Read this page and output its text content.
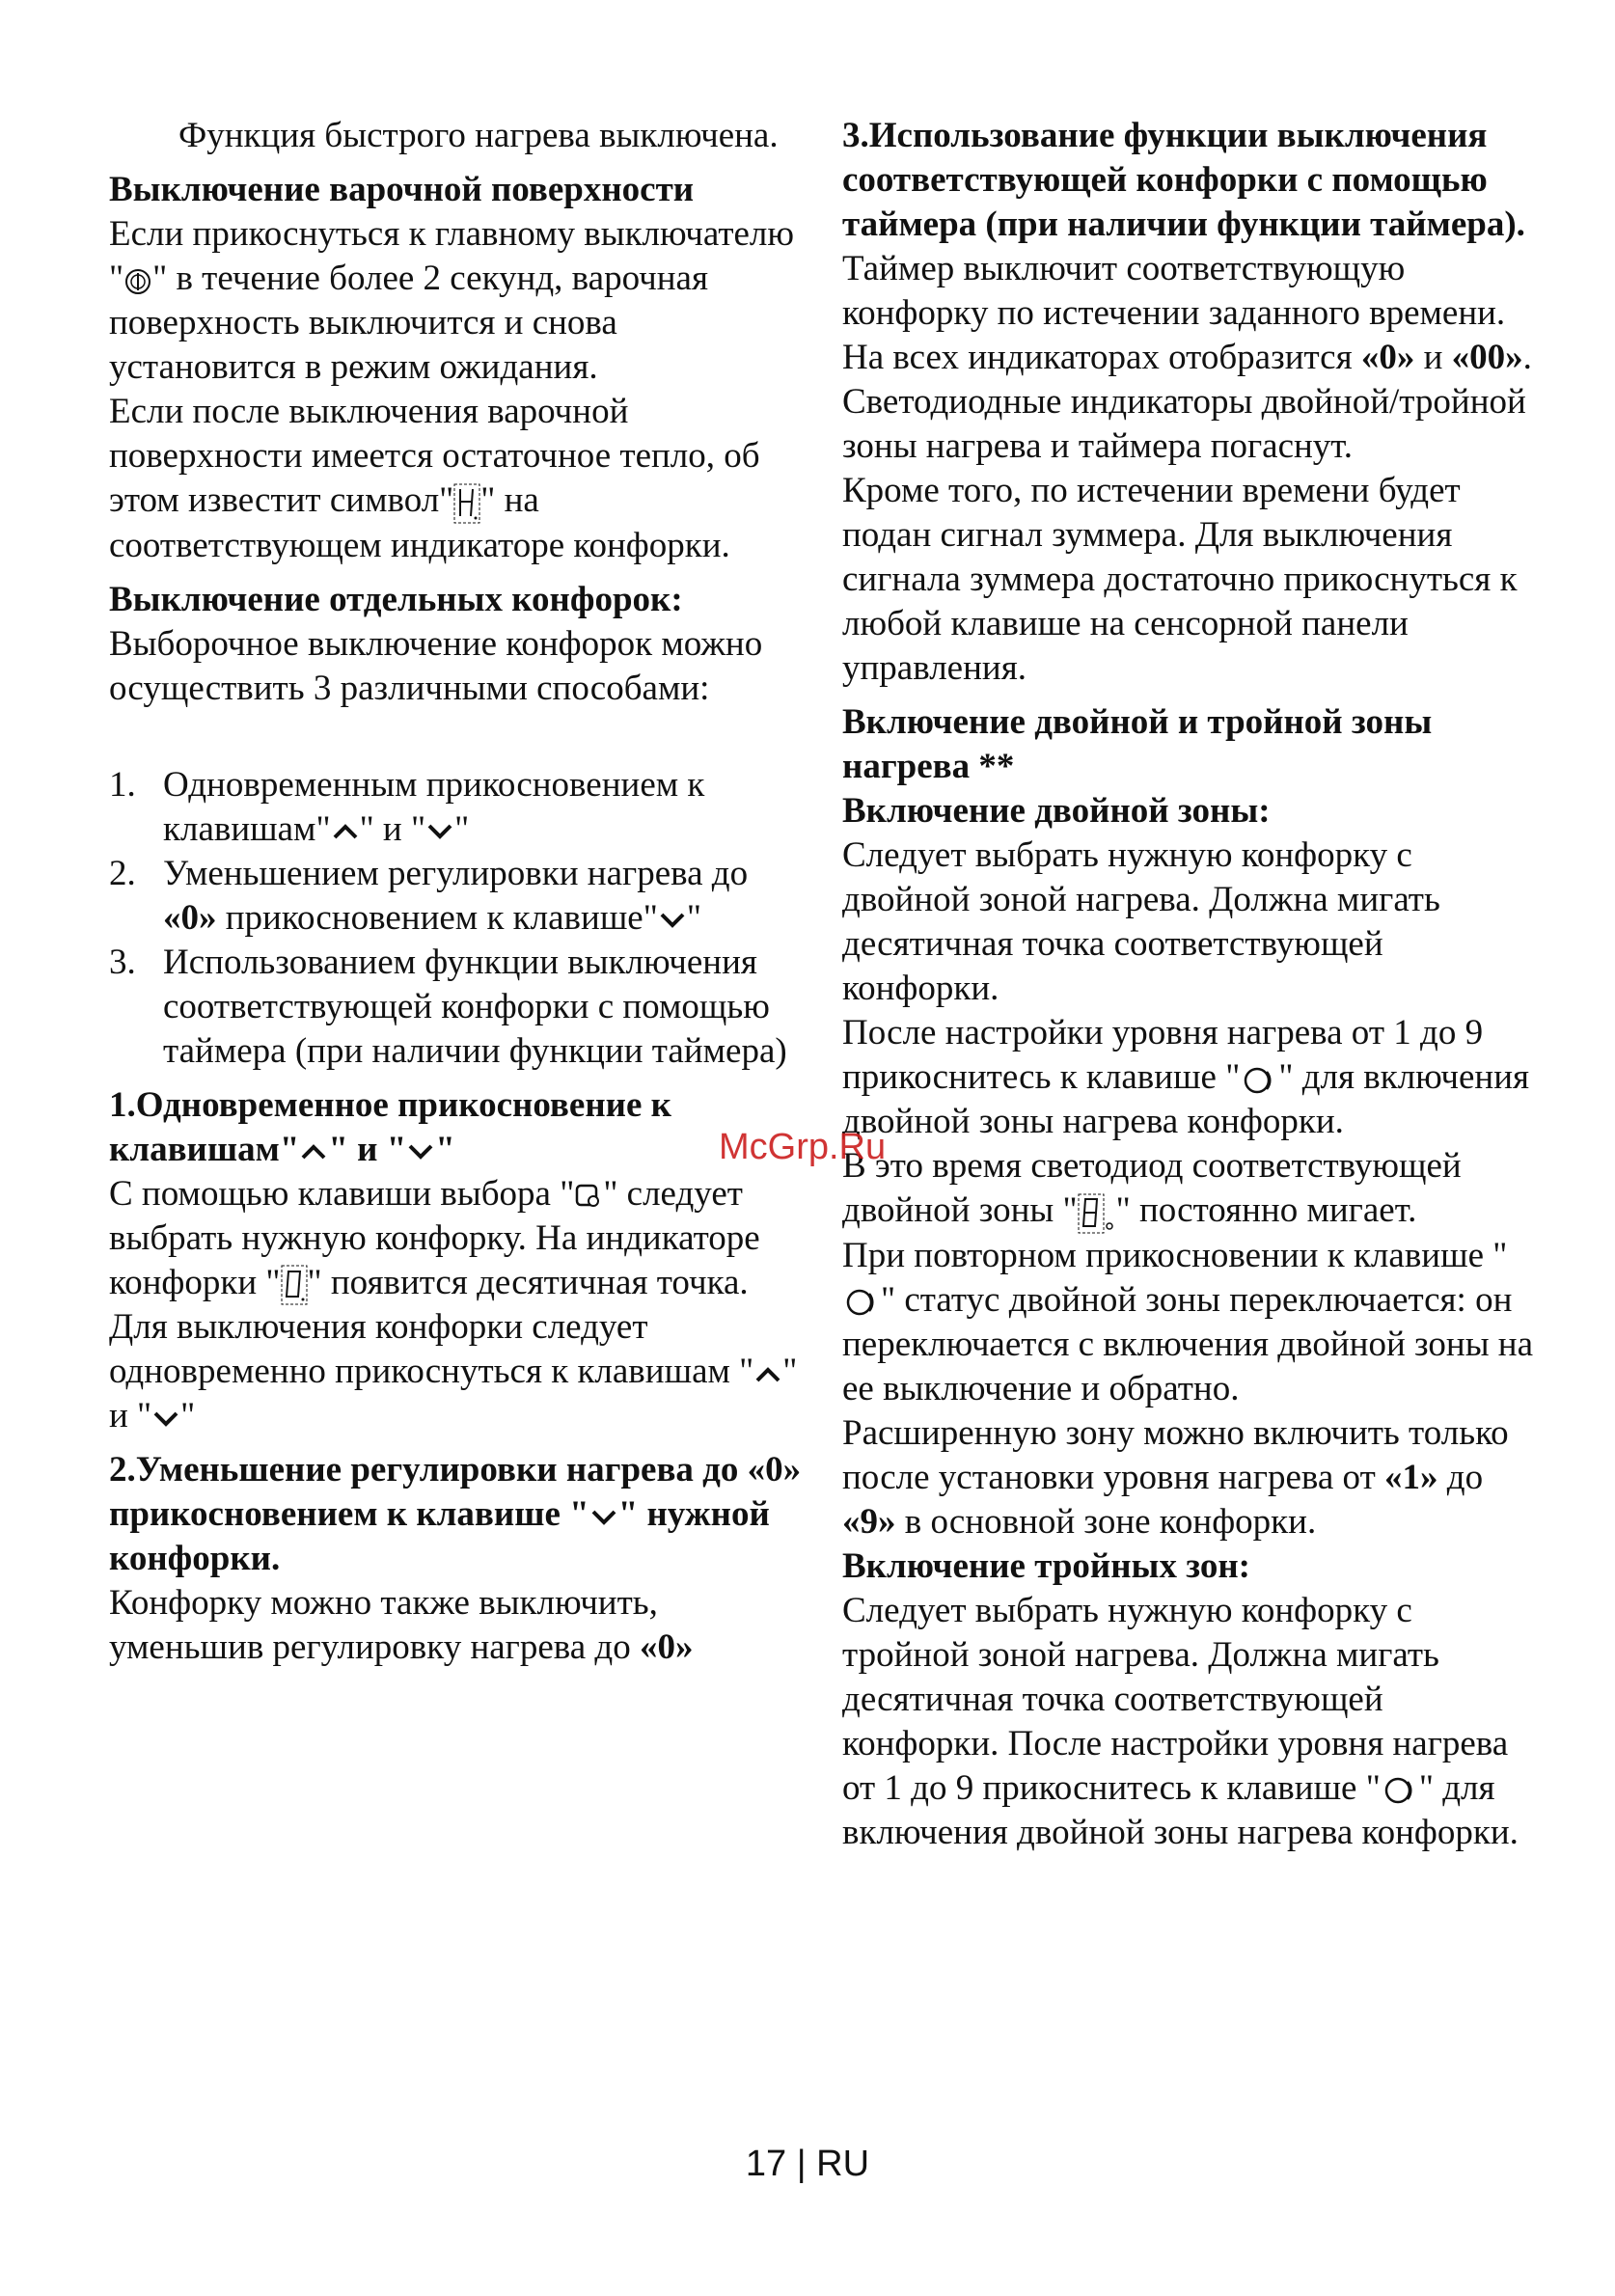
Функция быстрого нагрева выключена.

Выключение варочной поверхности

Если прикоснуться к главному выключателю " " в течение более 2 секунд, варочная поверхность выключится и снова установится в режим ожидания.

Если после выключения варочной поверхности имеется остаточное тепло, об этом известит символ" " на соответствующем индикаторе конфорки.

Выключение отдельных конфорок:

Выборочное выключение конфорок можно осуществить 3 различными способами:

1. Одновременным прикосновением к клавишам" " и " "
2. Уменьшением регулировки нагрева до «0» прикосновением к клавише" "
3. Использованием функции выключения соответствующей конфорки с помощью таймера (при наличии функции таймера)

1.Одновременное прикосновение к клавишам" " и " "

С помощью клавиши выбора " " следует выбрать нужную конфорку. На индикаторе конфорки " " появится десятичная точка. Для выключения конфорки следует одновременно прикоснуться к клавишам " " и " "

2.Уменьшение регулировки нагрева до «0» прикосновением к клавише " " нужной конфорки.

Конфорку можно также выключить, уменьшив регулировку нагрева до «0»

3.Использование функции выключения соответствующей конфорки с помощью таймера (при наличии функции таймера).

Таймер выключит соответствующую конфорку по истечении заданного времени. На всех индикаторах отобразится «0» и «00». Светодиодные индикаторы двойной/тройной зоны нагрева и таймера погаснут.

Кроме того, по истечении времени будет подан сигнал зуммера. Для выключения сигнала зуммера достаточно прикоснуться к любой клавише на сенсорной панели управления.

Включение двойной и тройной зоны нагрева **

Включение двойной зоны:

Следует выбрать нужную конфорку с двойной зоной нагрева. Должна мигать десятичная точка соответствующей конфорки.

После настройки уровня нагрева от 1 до 9 прикоснитесь к клавише " " для включения двойной зоны нагрева конфорки.

В это время светодиод соответствующей двойной зоны " " постоянно мигает.

При повторном прикосновении к клавише "" статус двойной зоны переключается: он переключается с включения двойной зоны на ее выключение и обратно.

Расширенную зону можно включить только после установки уровня нагрева от «1» до «9» в основной зоне конфорки.

Включение тройных зон:

Следует выбрать нужную конфорку с тройной зоной нагрева. Должна мигать десятичная точка соответствующей конфорки. После настройки уровня нагрева от 1 до 9 прикоснитесь к клавише " " для включения двойной зоны нагрева конфорки.

McGrp.Ru
17 | RU
